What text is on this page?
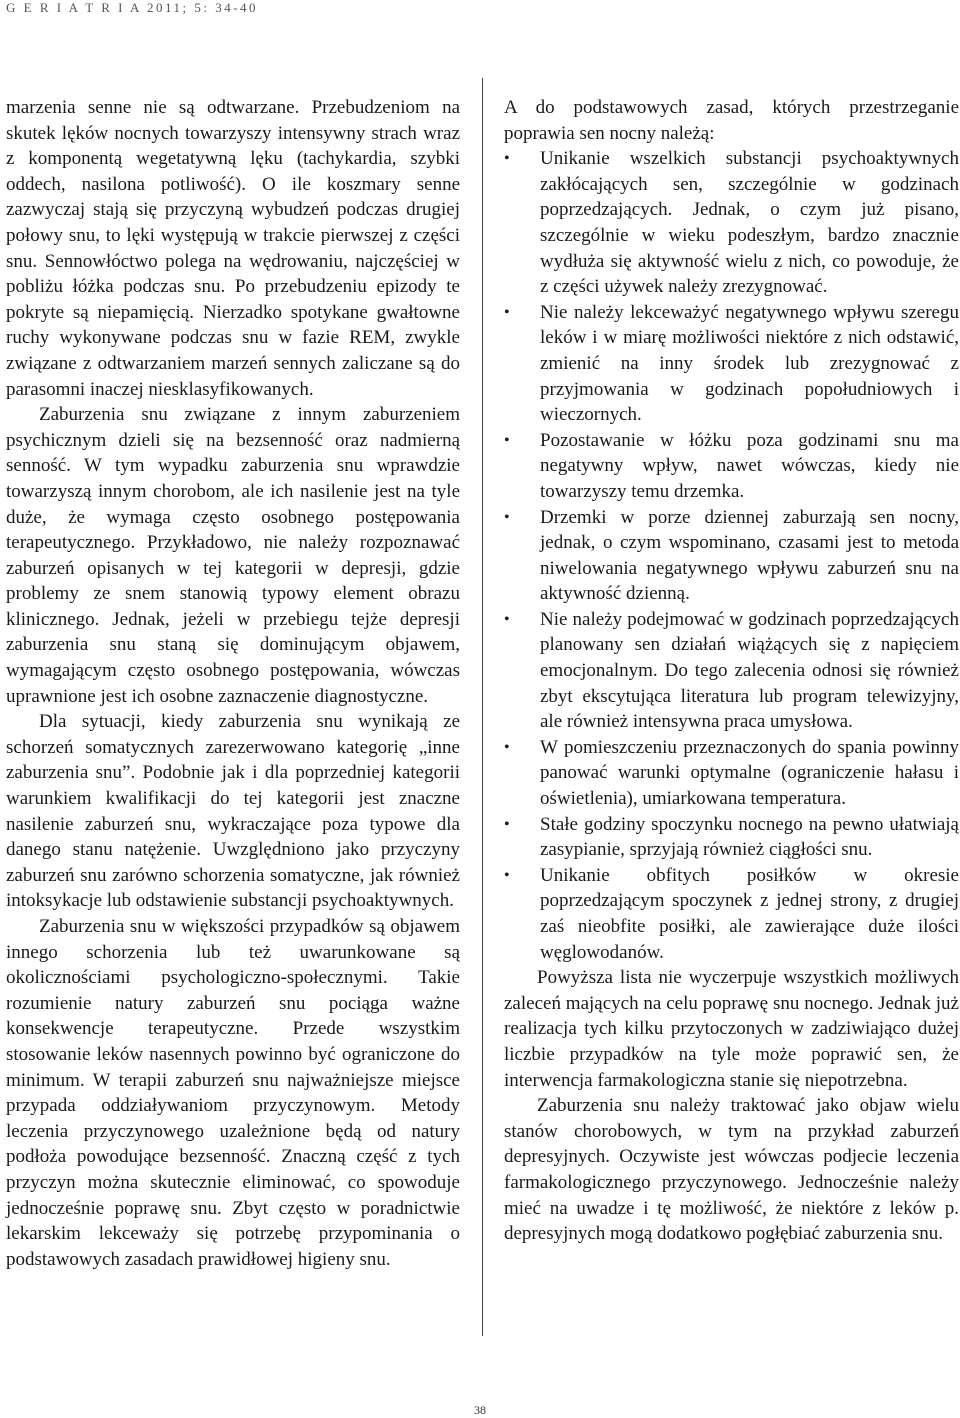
G E R I A T R I A 2011; 5: 34-40

marzenia senne nie są odtwarzane. Przebudzeniom na skutek lęków nocnych towarzyszy intensywny strach wraz z komponentą wegetatywną lęku (tachykardia, szybki oddech, nasilona potliwość). O ile koszmary senne zazwyczaj stają się przyczyną wybudzeń podczas drugiej połowy snu, to lęki występują w trakcie pierwszej z części snu. Sennowłóctwo polega na wędrowaniu, najczęściej w pobliżu łóżka podczas snu. Po przebudzeniu epizody te pokryte są niepamięcią. Nierzadko spotykane gwałtowne ruchy wykonywane podczas snu w fazie REM, zwykle związane z odtwarzaniem marzeń sennych zaliczane są do parasomni inaczej niesklasyfikowanych.

Zaburzenia snu związane z innym zaburzeniem psychicznym dzieli się na bezsenność oraz nadmierną senność. W tym wypadku zaburzenia snu wprawdzie towarzyszą innym chorobom, ale ich nasilenie jest na tyle duże, że wymaga często osobnego postępowania terapeutycznego. Przykładowo, nie należy rozpoznawać zaburzeń opisanych w tej kategorii w depresji, gdzie problemy ze snem stanowią typowy element obrazu klinicznego. Jednak, jeżeli w przebiegu tejże depresji zaburzenia snu staną się dominującym objawem, wymagającym często osobnego postępowania, wówczas uprawnione jest ich osobne zaznaczenie diagnostyczne.

Dla sytuacji, kiedy zaburzenia snu wynikają ze schorzeń somatycznych zarezerwowano kategorię „inne zaburzenia snu”. Podobnie jak i dla poprzedniej kategorii warunkiem kwalifikacji do tej kategorii jest znaczne nasilenie zaburzeń snu, wykraczające poza typowe dla danego stanu natężenie. Uwzględniono jako przyczyny zaburzeń snu zarówno schorzenia somatyczne, jak również intoksykacje lub odstawienie substancji psychoaktywnych.

Zaburzenia snu w większości przypadków są objawem innego schorzenia lub też uwarunkowane są okolicznościami psychologiczno-społecznymi. Takie rozumienie natury zaburzeń snu pociąga ważne konsekwencje terapeutyczne. Przede wszystkim stosowanie leków nasennych powinno być ograniczone do minimum. W terapii zaburzeń snu najważniejsze miejsce przypada oddziaływaniom przyczynowym. Metody leczenia przyczynowego uzależnione będą od natury podłoża powodujące bezsenność. Znaczną część z tych przyczyn można skutecznie eliminować, co spowoduje jednocześnie poprawę snu. Zbyt często w poradnictwie lekarskim lekceważy się potrzebę przypominania o podstawowych zasadach prawidłowej higieny snu.

A do podstawowych zasad, których przestrzeganie poprawia sen nocny należą:

• Unikanie wszelkich substancji psychoaktywnych zakłócających sen, szczególnie w godzinach poprzedzających. Jednak, o czym już pisano, szczególnie w wieku podeszłym, bardzo znacznie wydłuża się aktywność wielu z nich, co powoduje, że z części używek należy zrezygnować.
• Nie należy lekceważyć negatywnego wpływu szeregu leków i w miarę możliwości niektóre z nich odstawić, zmienić na inny środek lub zrezygnować z przyjmowania w godzinach popołudniowych i wieczornych.
• Pozostawanie w łóżku poza godzinami snu ma negatywny wpływ, nawet wówczas, kiedy nie towarzyszy temu drzemka.
• Drzemki w porze dziennej zaburzają sen nocny, jednak, o czym wspominano, czasami jest to metoda niwelowania negatywnego wpływu zaburzeń snu na aktywność dzienną.
• Nie należy podejmować w godzinach poprzedzających planowany sen działań wiążących się z napięciem emocjonalnym. Do tego zalecenia odnosi się również zbyt ekscytująca literatura lub program telewizyjny, ale również intensywna praca umysłowa.
• W pomieszczeniu przeznaczonych do spania powinny panować warunki optymalne (ograniczenie hałasu i oświetlenia), umiarkowana temperatura.
• Stałe godziny spoczynku nocnego na pewno ułatwiają zasypianie, sprzyjają również ciągłości snu.
• Unikanie obfitych posiłków w okresie poprzedzającym spoczynek z jednej strony, z drugiej zaś nieobfite posiłki, ale zawierające duże ilości węglowodanów.

Powyższa lista nie wyczerpuje wszystkich możliwych zaleceń mających na celu poprawę snu nocnego. Jednak już realizacja tych kilku przytoczonych w zadziwiająco dużej liczbie przypadków na tyle może poprawić sen, że interwencja farmakologiczna stanie się niepotrzebna.

Zaburzenia snu należy traktować jako objaw wielu stanów chorobowych, w tym na przykład zaburzeń depresyjnych. Oczywiste jest wówczas podjecie leczenia farmakologicznego przyczynowego. Jednocześnie należy mieć na uwadze i tę możliwość, że niektóre z leków p. depresyjnych mogą dodatkowo pogłębiać zaburzenia snu.

38
